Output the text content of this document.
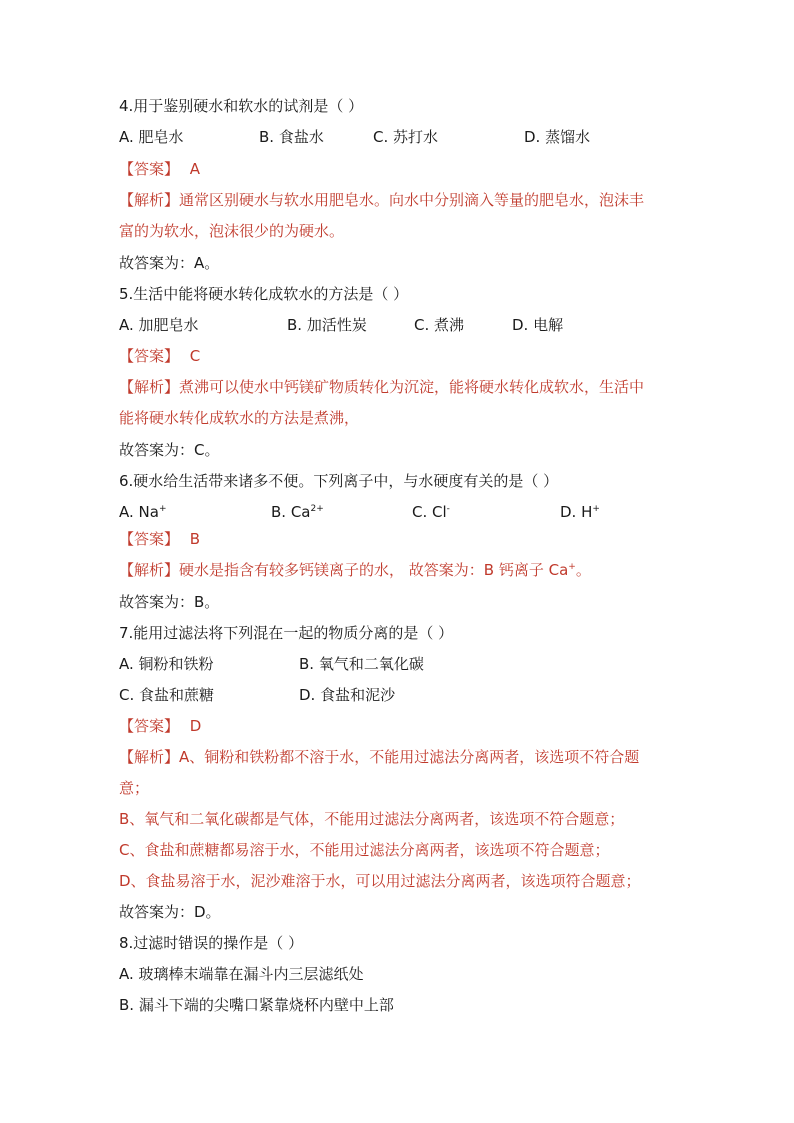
4.用于鉴别硬水和软水的试剂是（ ）
A. 肥皂水	B. 食盐水	C. 苏打水	D. 蒸馏水
【答案】 A
【解析】通常区别硬水与软水用肥皂水。向水中分别滴入等量的肥皂水，泡沫丰
富的为软水，泡沫很少的为硬水。
故答案为：A。
5.生活中能将硬水转化成软水的方法是（ ）
A. 加肥皂水	B. 加活性炭	C. 煮沸	D. 电解
【答案】 C
【解析】煮沸可以使水中钙镁矿物质转化为沉淀，能将硬水转化成软水，生活中
能将硬水转化成软水的方法是煮沸，
故答案为：C。
6.硬水给生活带来诸多不便。下列离子中，与水硬度有关的是（ ）
A. Na+	B. $Ca^{2+}$	C. Cl-	D. H+
【答案】 B
【解析】硬水是指含有较多钙镁离子的水， 故答案为：B 钙离子 Ca+。
故答案为：B。
7.能用过滤法将下列混在一起的物质分离的是（ ）
A. 铜粉和铁粉	B. 氧气和二氧化碳
C. 食盐和蔗糖	D. 食盐和泥沙
【答案】 D
【解析】A、铜粉和铁粉都不溶于水，不能用过滤法分离两者，该选项不符合题
意；
B、氧气和二氧化碳都是气体，不能用过滤法分离两者，该选项不符合题意；
C、食盐和蔗糖都易溶于水，不能用过滤法分离两者，该选项不符合题意；
D、食盐易溶于水，泥沙难溶于水，可以用过滤法分离两者，该选项符合题意；
故答案为：D。
8.过滤时错误的操作是（ ）
A. 玻璃棒末端靠在漏斗内三层滤纸处
B. 漏斗下端的尖嘴口紧靠烧杯内壁中上部
